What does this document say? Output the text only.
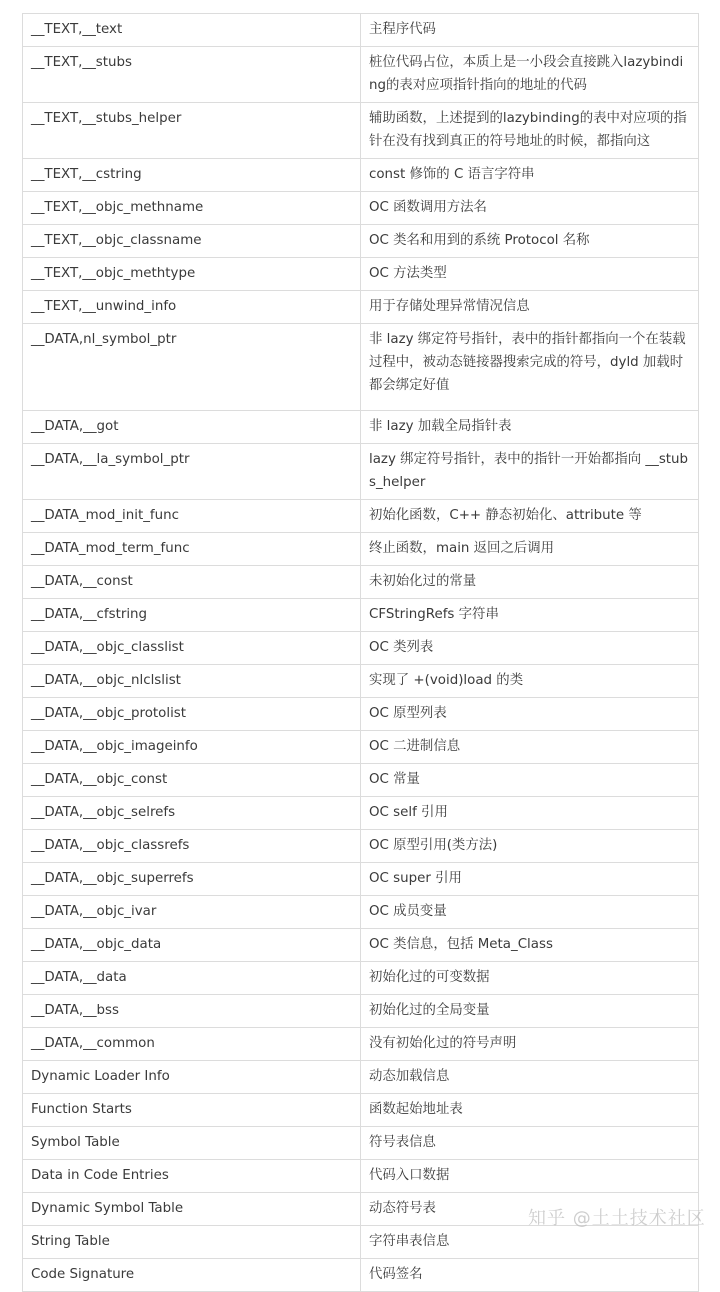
__TEXT,__text	主程序代码
__TEXT,__stubs	桩位代码占位，本质上是一小段会直接跳入lazybinding的表对应项指针指向的地址的代码
__TEXT,__stubs_helper	辅助函数，上述提到的lazybinding的表中对应项的指针在没有找到真正的符号地址的时候，都指向这
__TEXT,__cstring	const 修饰的 C 语言字符串
__TEXT,__objc_methname	OC 函数调用方法名
__TEXT,__objc_classname	OC 类名和用到的系统 Protocol 名称
__TEXT,__objc_methtype	OC 方法类型
__TEXT,__unwind_info	用于存储处理异常情况信息
__DATA,nl_symbol_ptr	非 lazy 绑定符号指针，表中的指针都指向一个在装载过程中，被动态链接器搜索完成的符号，dyld 加载时都会绑定好值
__DATA,__got	非 lazy 加载全局指针表
__DATA,__la_symbol_ptr	lazy 绑定符号指针，表中的指针一开始都指向 __stubs_helper
__DATA_mod_init_func	初始化函数，C++ 静态初始化、attribute 等
__DATA_mod_term_func	终止函数，main 返回之后调用
__DATA,__const	未初始化过的常量
__DATA,__cfstring	CFStringRefs 字符串
__DATA,__objc_classlist	OC 类列表
__DATA,__objc_nlclslist	实现了 +(void)load 的类
__DATA,__objc_protolist	OC 原型列表
__DATA,__objc_imageinfo	OC 二进制信息
__DATA,__objc_const	OC 常量
__DATA,__objc_selrefs	OC self 引用
__DATA,__objc_classrefs	OC 原型引用(类方法)
__DATA,__objc_superrefs	OC super 引用
__DATA,__objc_ivar	OC 成员变量
__DATA,__objc_data	OC 类信息，包括 Meta_Class
__DATA,__data	初始化过的可变数据
__DATA,__bss	初始化过的全局变量
__DATA,__common	没有初始化过的符号声明
Dynamic Loader Info	动态加载信息
Function Starts	函数起始地址表
Symbol Table	符号表信息
Data in Code Entries	代码入口数据
Dynamic Symbol Table	动态符号表
String Table	字符串表信息
Code Signature	代码签名
知乎 @土土技术社区
